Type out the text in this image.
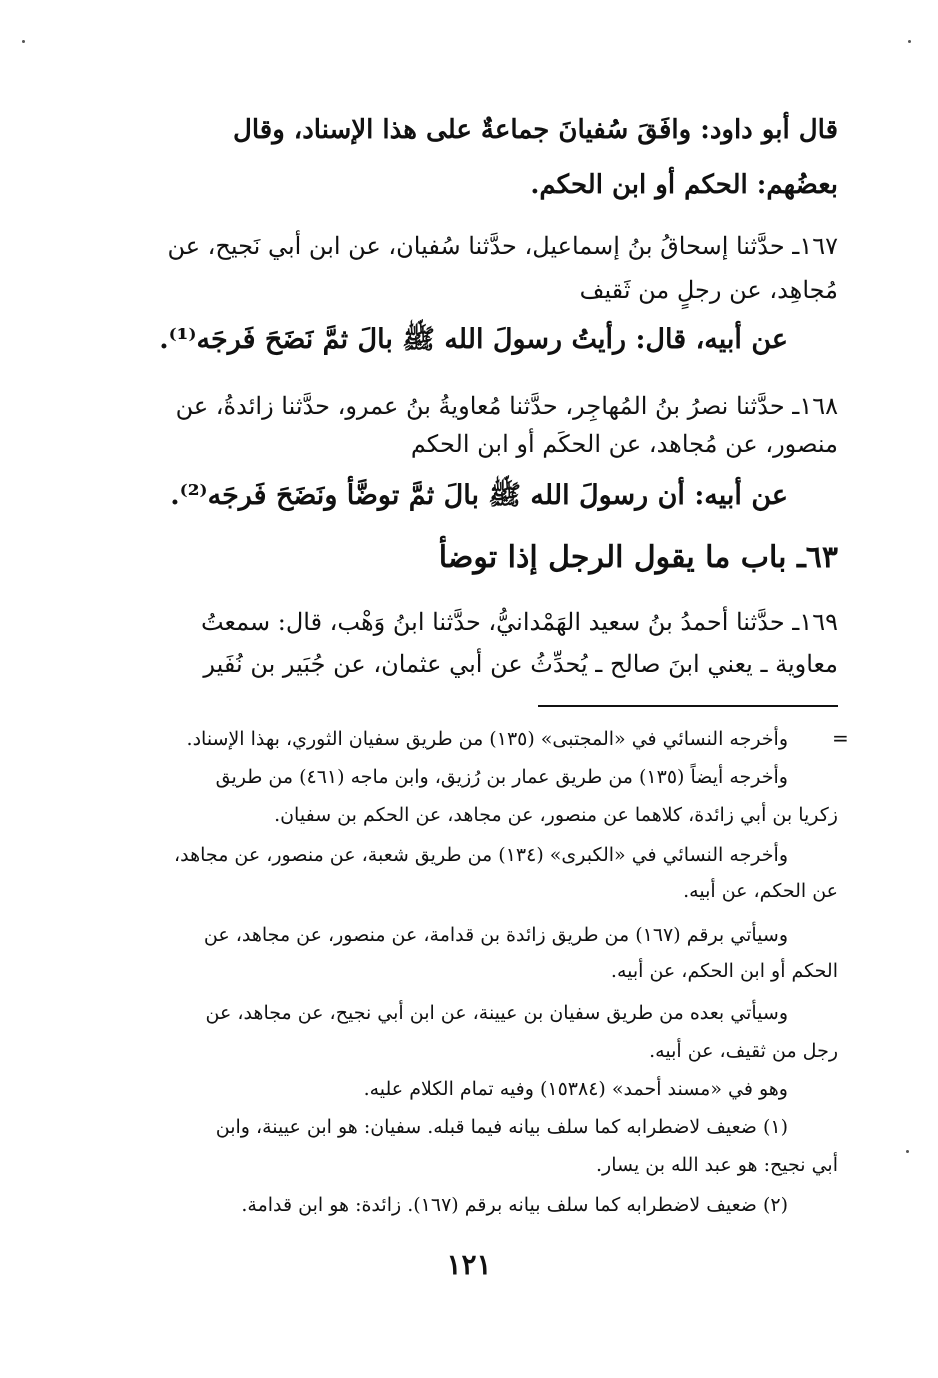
قال أبو داود: وافَقَ سُفيانَ جماعةٌ على هذا الإسناد، وقال
بعضُهم: الحكم أو ابن الحكم.
١٦٧ـ حدَّثنا إسحاقُ بنُ إسماعيل، حدَّثنا سُفيان، عن ابن أبي نَجيح، عن
مُجاهِد، عن رجلٍ من ثَقيف
عن أبيه، قال: رأيتُ رسولَ الله ﷺ بالَ ثمَّ نَضَحَ فَرجَه⁽¹⁾.
١٦٨ـ حدَّثنا نصرُ بنُ المُهاجِر، حدَّثنا مُعاويةُ بنُ عمرو، حدَّثنا زائدةُ، عن
منصور، عن مُجاهد، عن الحكَم أو ابن الحكم
عن أبيه: أن رسولَ الله ﷺ بالَ ثمَّ توضَّأ ونَضَحَ فَرجَه⁽²⁾.
٦٣ـ باب ما يقول الرجل إذا توضأ
١٦٩ـ حدَّثنا أحمدُ بنُ سعيد الهَمْدانيُّ، حدَّثنا ابنُ وَهْب، قال: سمعتُ
معاوية ـ يعني ابنَ صالح ـ يُحدِّثُ عن أبي عثمان، عن جُبَير بن نُفَير
=
وأخرجه النسائي في «المجتبى» (١٣٥) من طريق سفيان الثوري، بهذا الإسناد.
وأخرجه أيضاً (١٣٥) من طريق عمار بن رُزيق، وابن ماجه (٤٦١) من طريق
زكريا بن أبي زائدة، كلاهما عن منصور، عن مجاهد، عن الحكم بن سفيان.
وأخرجه النسائي في «الكبرى» (١٣٤) من طريق شعبة، عن منصور، عن مجاهد،
عن الحكم، عن أبيه.
وسيأتي برقم (١٦٧) من طريق زائدة بن قدامة، عن منصور، عن مجاهد، عن
الحكم أو ابن الحكم، عن أبيه.
وسيأتي بعده من طريق سفيان بن عيينة، عن ابن أبي نجيح، عن مجاهد، عن
رجل من ثقيف، عن أبيه.
وهو في «مسند أحمد» (١٥٣٨٤) وفيه تمام الكلام عليه.
(١) ضعيف لاضطرابه كما سلف بيانه فيما قبله. سفيان: هو ابن عيينة، وابن
أبي نجيح: هو عبد الله بن يسار.
(٢) ضعيف لاضطرابه كما سلف بيانه برقم (١٦٧). زائدة: هو ابن قدامة.
١٢١
